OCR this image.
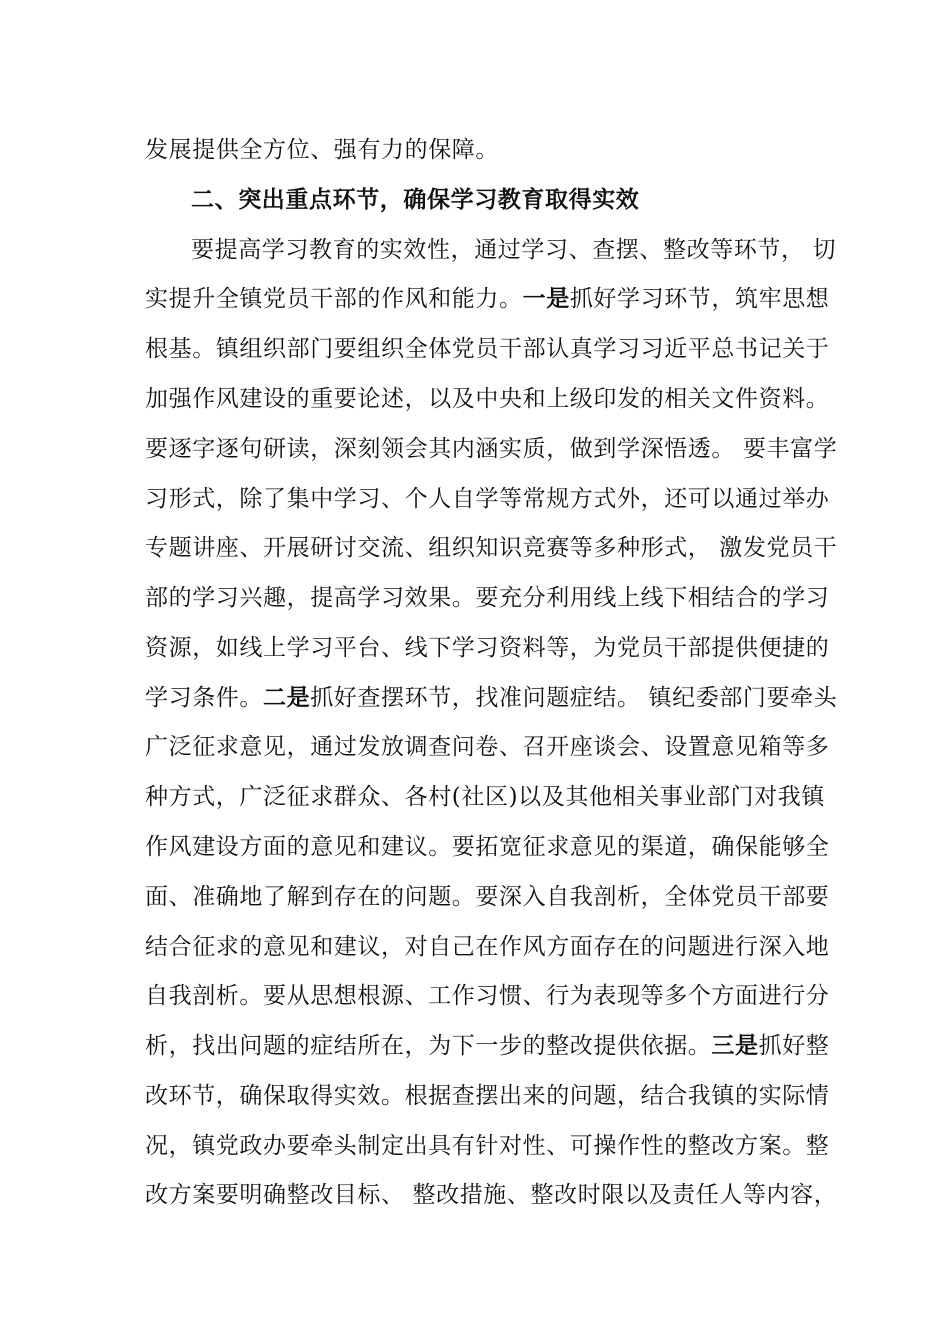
发展提供全方位、强有力的保障。
二、突出重点环节，确保学习教育取得实效
要提高学习教育的实效性，通过学习、查摆、整改等环节， 切
实提升全镇党员干部的作风和能力。一是抓好学习环节，筑牢思想
根基。镇组织部门要组织全体党员干部认真学习习近平总书记关于
加强作风建设的重要论述，以及中央和上级印发的相关文件资料。
要逐字逐句研读，深刻领会其内涵实质，做到学深悟透。 要丰富学
习形式，除了集中学习、个人自学等常规方式外，还可以通过举办
专题讲座、开展研讨交流、组织知识竞赛等多种形式， 激发党员干
部的学习兴趣，提高学习效果。要充分利用线上线下相结合的学习
资源，如线上学习平台、线下学习资料等，为党员干部提供便捷的
学习条件。二是抓好查摆环节，找准问题症结。 镇纪委部门要牵头
广泛征求意见，通过发放调查问卷、召开座谈会、设置意见箱等多
种方式，广泛征求群众、各村(社区)以及其他相关事业部门对我镇
作风建设方面的意见和建议。要拓宽征求意见的渠道，确保能够全
面、准确地了解到存在的问题。要深入自我剖析，全体党员干部要
结合征求的意见和建议，对自己在作风方面存在的问题进行深入地
自我剖析。要从思想根源、工作习惯、行为表现等多个方面进行分
析，找出问题的症结所在，为下一步的整改提供依据。三是抓好整
改环节，确保取得实效。根据查摆出来的问题，结合我镇的实际情
况，镇党政办要牵头制定出具有针对性、可操作性的整改方案。整
改方案要明确整改目标、 整改措施、整改时限以及责任人等内容，
